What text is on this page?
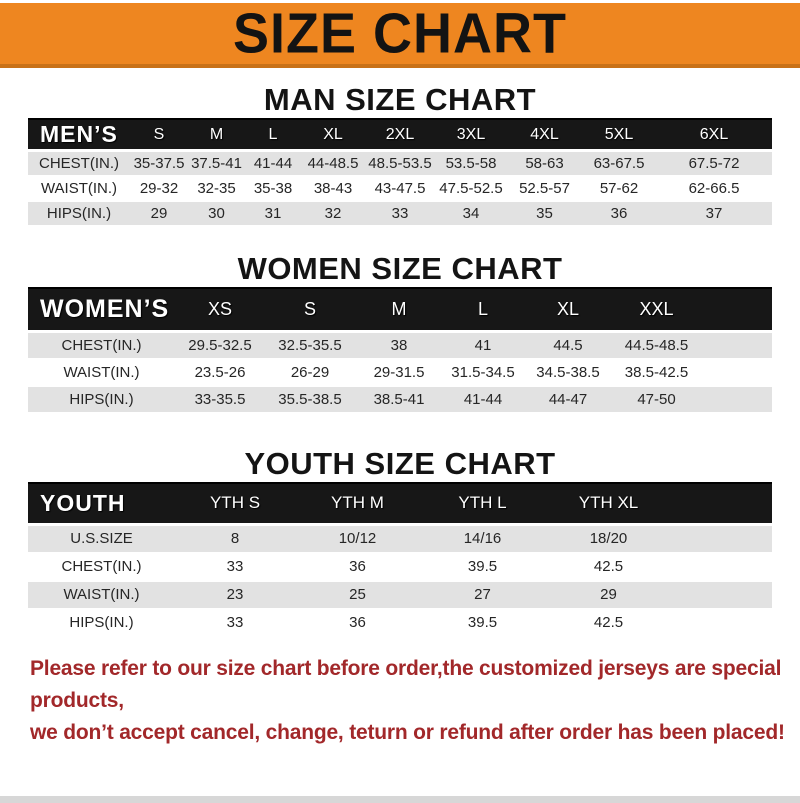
SIZE CHART
MAN SIZE CHART
MEN’S	S	M	L	XL	2XL	3XL	4XL	5XL	6XL
CHEST(IN.)	35-37.5	37.5-41	41-44	44-48.5	48.5-53.5	53.5-58	58-63	63-67.5	67.5-72
WAIST(IN.)	29-32	32-35	35-38	38-43	43-47.5	47.5-52.5	52.5-57	57-62	62-66.5
HIPS(IN.)	29	30	31	32	33	34	35	36	37
WOMEN SIZE CHART
WOMEN’S	XS	S	M	L	XL	XXL	
CHEST(IN.)	29.5-32.5	32.5-35.5	38	41	44.5	44.5-48.5	
WAIST(IN.)	23.5-26	26-29	29-31.5	31.5-34.5	34.5-38.5	38.5-42.5	
HIPS(IN.)	33-35.5	35.5-38.5	38.5-41	41-44	44-47	47-50	
YOUTH SIZE CHART
YOUTH	YTH S	YTH M	YTH L	YTH XL	
U.S.SIZE	8	10/12	14/16	18/20	
CHEST(IN.)	33	36	39.5	42.5	
WAIST(IN.)	23	25	27	29	
HIPS(IN.)	33	36	39.5	42.5	

Please refer to our size chart before order,the customized jerseys are special products,

we don’t accept cancel, change, teturn or refund after order has been placed!
